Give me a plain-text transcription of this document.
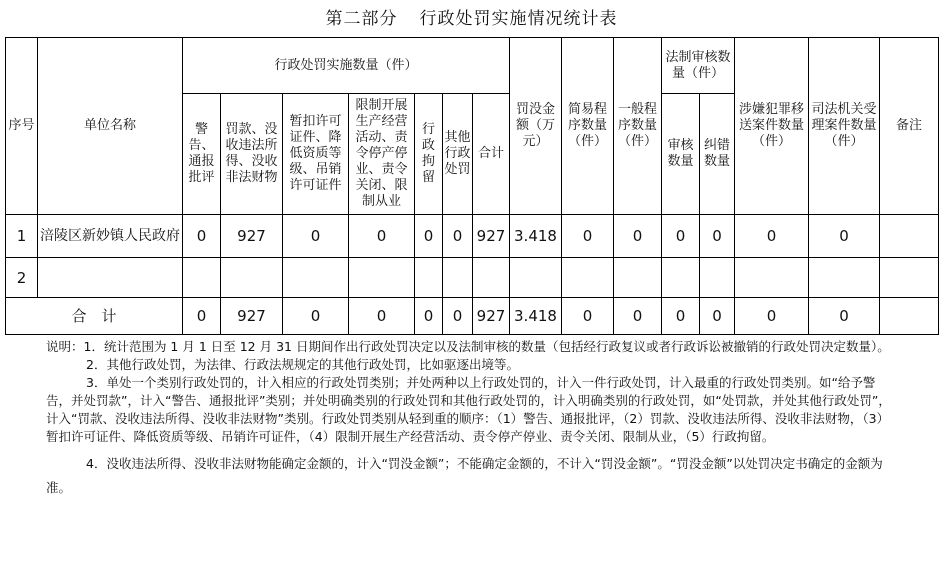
第二部分 行政处罚实施情况统计表
序号	单位名称	行政处罚实施数量（件）							罚没金额（万元）	简易程序数量（件）	一般程序数量（件）	法制审核数量（件）		涉嫌犯罪移送案件数量（件）	司法机关受理案件数量（件）	备注
		警告、通报批评	罚款、没收违法所得、没收非法财物	暂扣许可证件、降低资质等级、吊销许可证件	限制开展生产经营活动、责令停产停业、责令关闭、限制从业	行政拘留	其他行政处罚	合计				审核数量	纠错数量			
1	涪陵区新妙镇人民政府	0	927	0	0	0	0	927	3.418	0	0	0	0	0	0	
2																
合　计		0	927	0	0	0	0	927	3.418	0	0	0	0	0	0	

说明：1．统计范围为 1 月 1 日至 12 月 31 日期间作出行政处罚决定以及法制审核的数量（包括经行政复议或者行政诉讼被撤销的行政处罚决定数量）。

2．其他行政处罚，为法律、行政法规规定的其他行政处罚，比如驱逐出境等。

3．单处一个类别行政处罚的，计入相应的行政处罚类别；并处两种以上行政处罚的，计入一件行政处罚，计入最重的行政处罚类别。如“给予警告，并处罚款”，计入“警告、通报批评”类别；并处明确类别的行政处罚和其他行政处罚的，计入明确类别的行政处罚，如“处罚款，并处其他行政处罚”，计入“罚款、没收违法所得、没收非法财物”类别。行政处罚类别从轻到重的顺序：（1）警告、通报批评，（2）罚款、没收违法所得、没收非法财物，（3）暂扣许可证件、降低资质等级、吊销许可证件，（4）限制开展生产经营活动、责令停产停业、责令关闭、限制从业，（5）行政拘留。

4．没收违法所得、没收非法财物能确定金额的，计入“罚没金额”；不能确定金额的，不计入“罚没金额”。“罚没金额”以处罚决定书确定的金额为准。
